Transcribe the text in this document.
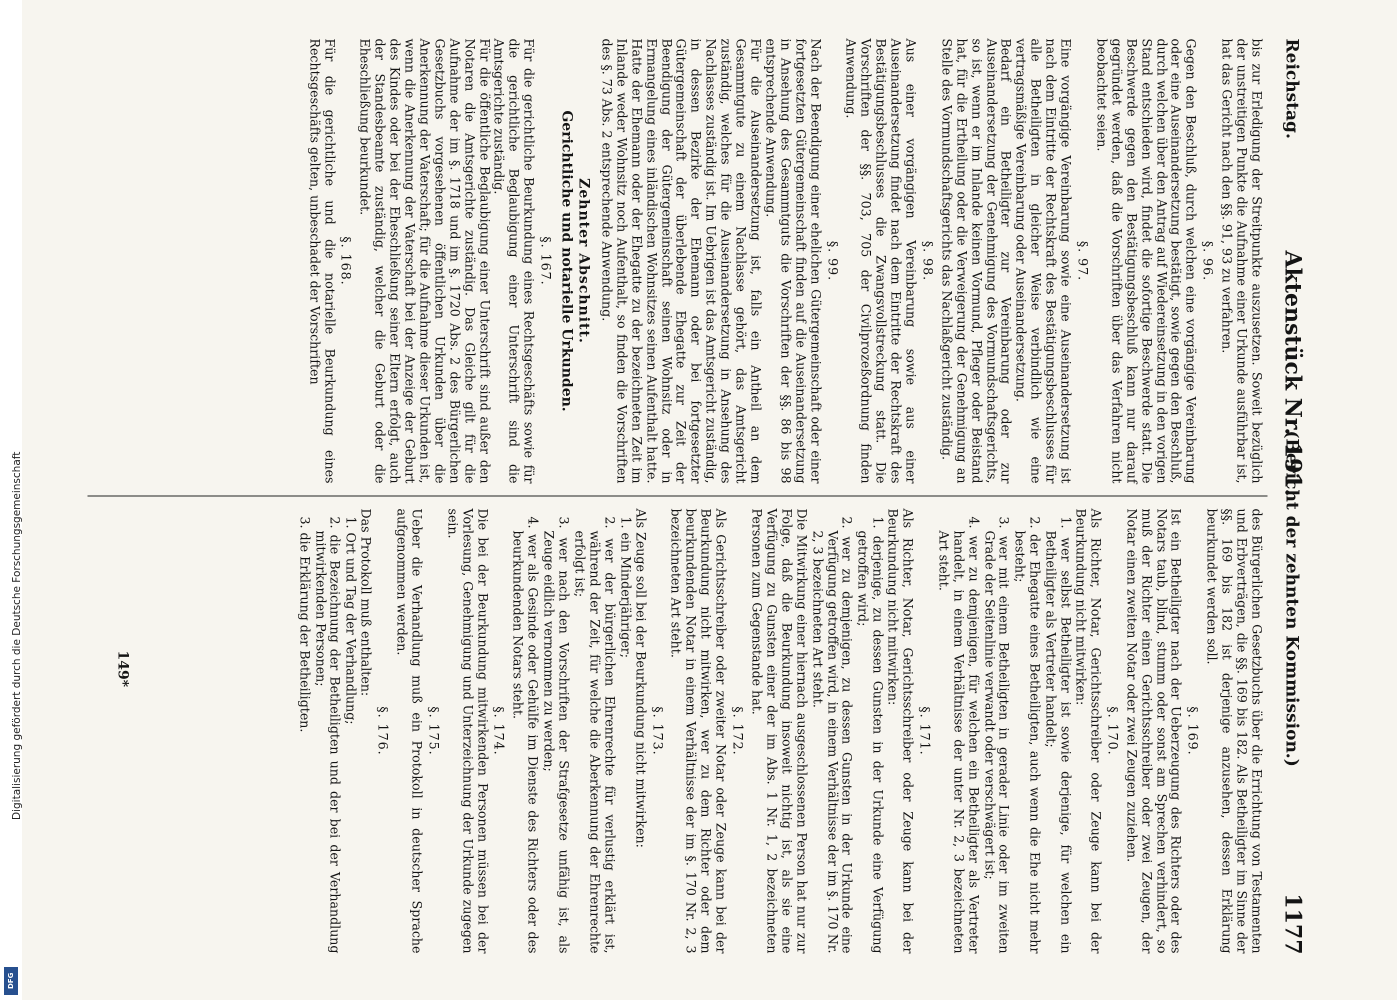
Digitalisierung gefördert durch die Deutsche Forschungsgemeinschaft
DFG
Reichstag.
Aktenstück Nr. 191.
(Bericht der zehnten Kommission.)
1177
bis zur Erledigung der Streitpunkte auszusetzen. Soweit bezüglich der unstreitigen Punkte die Aufnahme einer Urkunde ausführbar ist, hat das Gericht nach den §§. 91, 93 zu verfahren.
§. 96.
Gegen den Beschluß, durch welchen eine vorgängige Vereinbarung oder eine Auseinandersetzung bestätigt, sowie gegen den Beschluß, durch welchen über den Antrag auf Wiedereinsetzung in den vorigen Stand entschieden wird, findet die sofortige Beschwerde statt. Die Beschwerde gegen den Bestätigungsbeschluß kann nur darauf gegründet werden, daß die Vorschriften über das Verfahren nicht beobachtet seien.
§. 97.
Eine vorgängige Vereinbarung sowie eine Auseinandersetzung ist nach dem Eintritte der Rechtskraft des Bestätigungsbeschlusses für alle Betheiligten in gleicher Weise verbindlich wie eine vertragsmäßige Vereinbarung oder Auseinandersetzung.
Bedarf ein Betheiligter zur Vereinbarung oder zur Auseinandersetzung der Genehmigung des Vormundschaftsgerichts, so ist, wenn er im Inlande keinen Vormund, Pfleger oder Beistand hat, für die Ertheilung oder die Verweigerung der Genehmigung an Stelle des Vormundschaftsgerichts das Nachlaßgericht zuständig.
§. 98.
Aus einer vorgängigen Vereinbarung sowie aus einer Auseinandersetzung findet nach dem Eintritte der Rechtskraft des Bestätigungsbeschlusses die Zwangsvollstreckung statt. Die Vorschriften der §§. 703, 705 der Civilprozeßordnung finden Anwendung.
§. 99.
Nach der Beendigung einer ehelichen Gütergemeinschaft oder einer fortgesetzten Gütergemeinschaft finden auf die Auseinandersetzung in Ansehung des Gesammtguts die Vorschriften der §§. 86 bis 98 entsprechende Anwendung.
Für die Auseinandersetzung ist, falls ein Antheil an dem Gesammtgute zu einem Nachlasse gehört, das Amtsgericht zuständig, welches für die Auseinandersetzung in Ansehung des Nachlasses zuständig ist. Im Uebrigen ist das Amtsgericht zuständig, in dessen Bezirke der Ehemann oder bei fortgesetzter Gütergemeinschaft der überlebende Ehegatte zur Zeit der Beendigung der Gütergemeinschaft seinen Wohnsitz oder in Ermangelung eines inländischen Wohnsitzes seinen Aufenthalt hatte. Hatte der Ehemann oder der Ehegatte zu der bezeichneten Zeit im Inlande weder Wohnsitz noch Aufenthalt, so finden die Vorschriften des §. 73 Abs. 2 entsprechende Anwendung.
Zehnter Abschnitt.
Gerichtliche und notarielle Urkunden.
§. 167.
Für die gerichtliche Beurkundung eines Rechtsgeschäfts sowie für die gerichtliche Beglaubigung einer Unterschrift sind die Amtsgerichte zuständig.
Für die öffentliche Beglaubigung einer Unterschrift sind außer den Notaren die Amtsgerichte zuständig. Das Gleiche gilt für die Aufnahme der im §. 1718 und im §. 1720 Abs. 2 des Bürgerlichen Gesetzbuchs vorgesehenen öffentlichen Urkunden über die Anerkennung der Vaterschaft; für die Aufnahme dieser Urkunden ist, wenn die Anerkennung der Vaterschaft bei der Anzeige der Geburt des Kindes oder bei der Eheschließung seiner Eltern erfolgt, auch der Standesbeamte zuständig, welcher die Geburt oder die Eheschließung beurkundet.
§. 168.
Für die gerichtliche und die notarielle Beurkundung eines Rechtsgeschäfts gelten, unbeschadet der Vorschriften
des Bürgerlichen Gesetzbuchs über die Errichtung von Testamenten und Erbverträgen, die §§. 169 bis 182. Als Betheiligter im Sinne der §§. 169 bis 182 ist derjenige anzusehen, dessen Erklärung beurkundet werden soll.
§. 169.
Ist ein Betheiligter nach der Ueberzeugung des Richters oder des Notars taub, blind, stumm oder sonst am Sprechen verhindert, so muß der Richter einen Gerichtsschreiber oder zwei Zeugen, der Notar einen zweiten Notar oder zwei Zeugen zuziehen.
§. 170.
Als Richter, Notar, Gerichtsschreiber oder Zeuge kann bei der Beurkundung nicht mitwirken:
1. wer selbst Betheiligter ist sowie derjenige, für welchen ein Betheiligter als Vertreter handelt;
2. der Ehegatte eines Betheiligten, auch wenn die Ehe nicht mehr besteht;
3. wer mit einem Betheiligten in gerader Linie oder im zweiten Grade der Seitenlinie verwandt oder verschwägert ist;
4. wer zu demjenigen, für welchen ein Betheiligter als Vertreter handelt, in einem Verhältnisse der unter Nr. 2, 3 bezeichneten Art steht.
§. 171.
Als Richter, Notar, Gerichtsschreiber oder Zeuge kann bei der Beurkundung nicht mitwirken:
1. derjenige, zu dessen Gunsten in der Urkunde eine Verfügung getroffen wird;
2. wer zu demjenigen, zu dessen Gunsten in der Urkunde eine Verfügung getroffen wird, in einem Verhältnisse der im §. 170 Nr. 2, 3 bezeichneten Art steht.
Die Mitwirkung einer hiernach ausgeschlossenen Person hat nur zur Folge, daß die Beurkundung insoweit nichtig ist, als sie eine Verfügung zu Gunsten einer der im Abs. 1 Nr. 1, 2 bezeichneten Personen zum Gegenstande hat.
§. 172.
Als Gerichtsschreiber oder zweiter Notar oder Zeuge kann bei der Beurkundung nicht mitwirken, wer zu dem Richter oder dem beurkundenden Notar in einem Verhältnisse der im §. 170 Nr. 2, 3 bezeichneten Art steht.
§. 173.
Als Zeuge soll bei der Beurkundung nicht mitwirken:
1. ein Minderjähriger;
2. wer der bürgerlichen Ehrenrechte für verlustig erklärt ist, während der Zeit, für welche die Aberkennung der Ehrenrechte erfolgt ist;
3. wer nach den Vorschriften der Strafgesetze unfähig ist, als Zeuge eidlich vernommen zu werden;
4. wer als Gesinde oder Gehülfe im Dienste des Richters oder des beurkundenden Notars steht.
§. 174.
Die bei der Beurkundung mitwirkenden Personen müssen bei der Vorlesung, Genehmigung und Unterzeichnung der Urkunde zugegen sein.
§. 175.
Ueber die Verhandlung muß ein Protokoll in deutscher Sprache aufgenommen werden.
§. 176.
Das Protokoll muß enthalten:
1. Ort und Tag der Verhandlung;
2. die Bezeichnung der Betheiligten und der bei der Verhandlung mitwirkenden Personen;
3. die Erklärung der Betheiligten.
149*
